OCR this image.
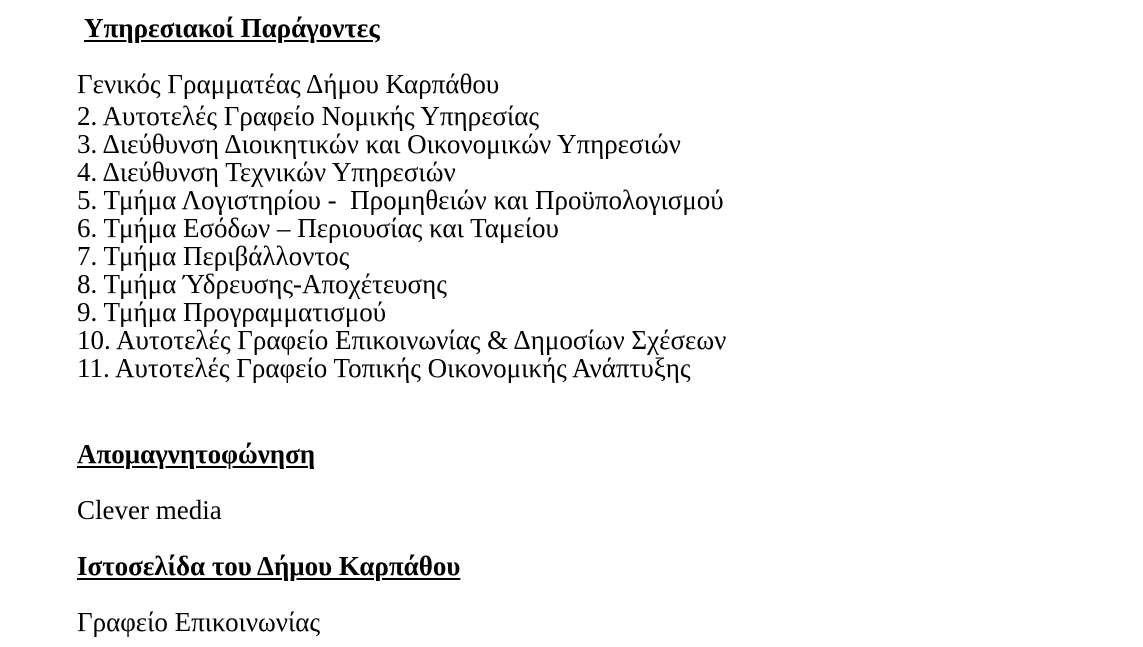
Υπηρεσιακοί Παράγοντες

Γενικός Γραμματέας Δήμου Καρπάθου

2. Αυτοτελές Γραφείο Νομικής Υπηρεσίας
3. Διεύθυνση Διοικητικών και Οικονομικών Υπηρεσιών
4. Διεύθυνση Τεχνικών Υπηρεσιών
5. Τμήμα Λογιστηρίου -  Προμηθειών και Προϋπολογισμού
6. Τμήμα Εσόδων – Περιουσίας και Ταμείου
7. Τμήμα Περιβάλλοντος
8. Τμήμα Ύδρευσης-Αποχέτευσης
9. Τμήμα Προγραμματισμού
10. Αυτοτελές Γραφείο Επικοινωνίας & Δημοσίων Σχέσεων
11. Αυτοτελές Γραφείο Τοπικής Οικονομικής Ανάπτυξης
Απομαγνητοφώνηση

Clever media

Ιστοσελίδα του Δήμου Καρπάθου

Γραφείο Επικοινωνίας
